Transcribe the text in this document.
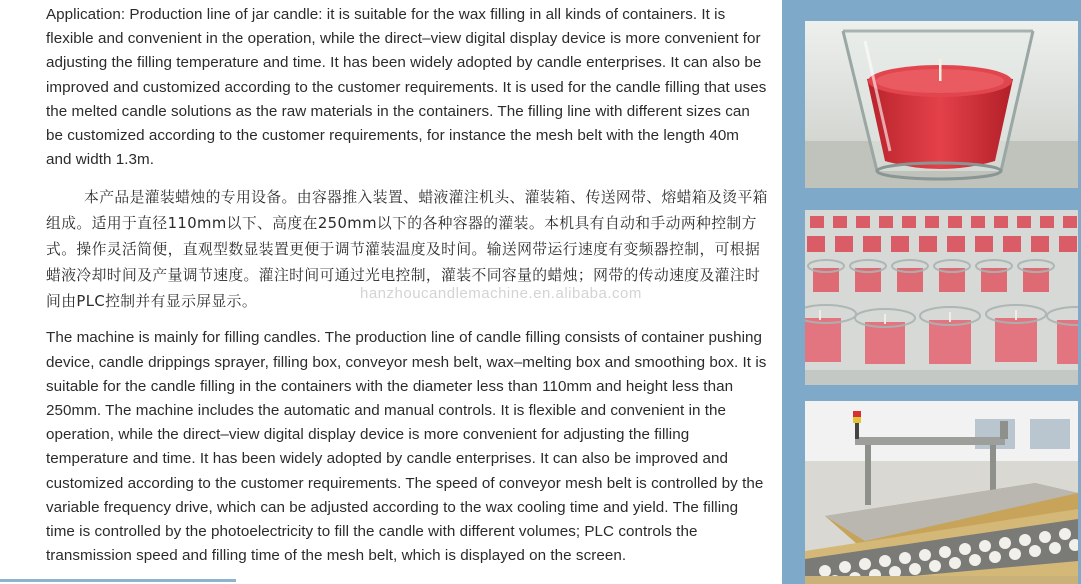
Application: Production line of jar candle: it is suitable for the wax filling in all kinds of containers. It is flexible and convenient in the operation, while the direct–view digital display device is more convenient for adjusting the filling temperature and time. It has been widely adopted by candle enterprises. It can also be improved and customized according to the customer requirements. It is used for the candle filling that uses the melted candle solutions as the raw materials in the containers. The filling line with different sizes can be customized according to the customer requirements, for instance the mesh belt with the length 40m and width 1.3m.

本产品是灌装蜡烛的专用设备。由容器推入装置、蜡液灌注机头、灌装箱、传送网带、熔蜡箱及烫平箱组成。适用于直径110mm以下、高度在250mm以下的各种容器的灌装。本机具有自动和手动两种控制方式。操作灵活简便，直观型数显装置更便于调节灌装温度及时间。输送网带运行速度有变频器控制，可根据蜡液冷却时间及产量调节速度。灌注时间可通过光电控制，灌装不同容量的蜡烛；网带的传动速度及灌注时间由PLC控制并有显示屏显示。

The machine is mainly for filling candles. The production line of candle filling consists of container pushing device, candle drippings sprayer, filling box, conveyor mesh belt, wax–melting box and smoothing box. It is suitable for the candle filling in the containers with the diameter less than 110mm and height less than 250mm. The machine includes the automatic and manual controls. It is flexible and convenient in the operation, while the direct–view digital display device is more convenient for adjusting the filling temperature and time. It has been widely adopted by candle enterprises. It can also be improved and customized according to the customer requirements. The speed of conveyor mesh belt is controlled by the variable frequency drive, which can be adjusted according to the wax cooling time and yield. The filling time is controlled by the photoelectricity to fill the candle with different volumes; PLC controls the transmission speed and filling time of the mesh belt, which is displayed on the screen.

hanzhoucandlemachine.en.alibaba.com
